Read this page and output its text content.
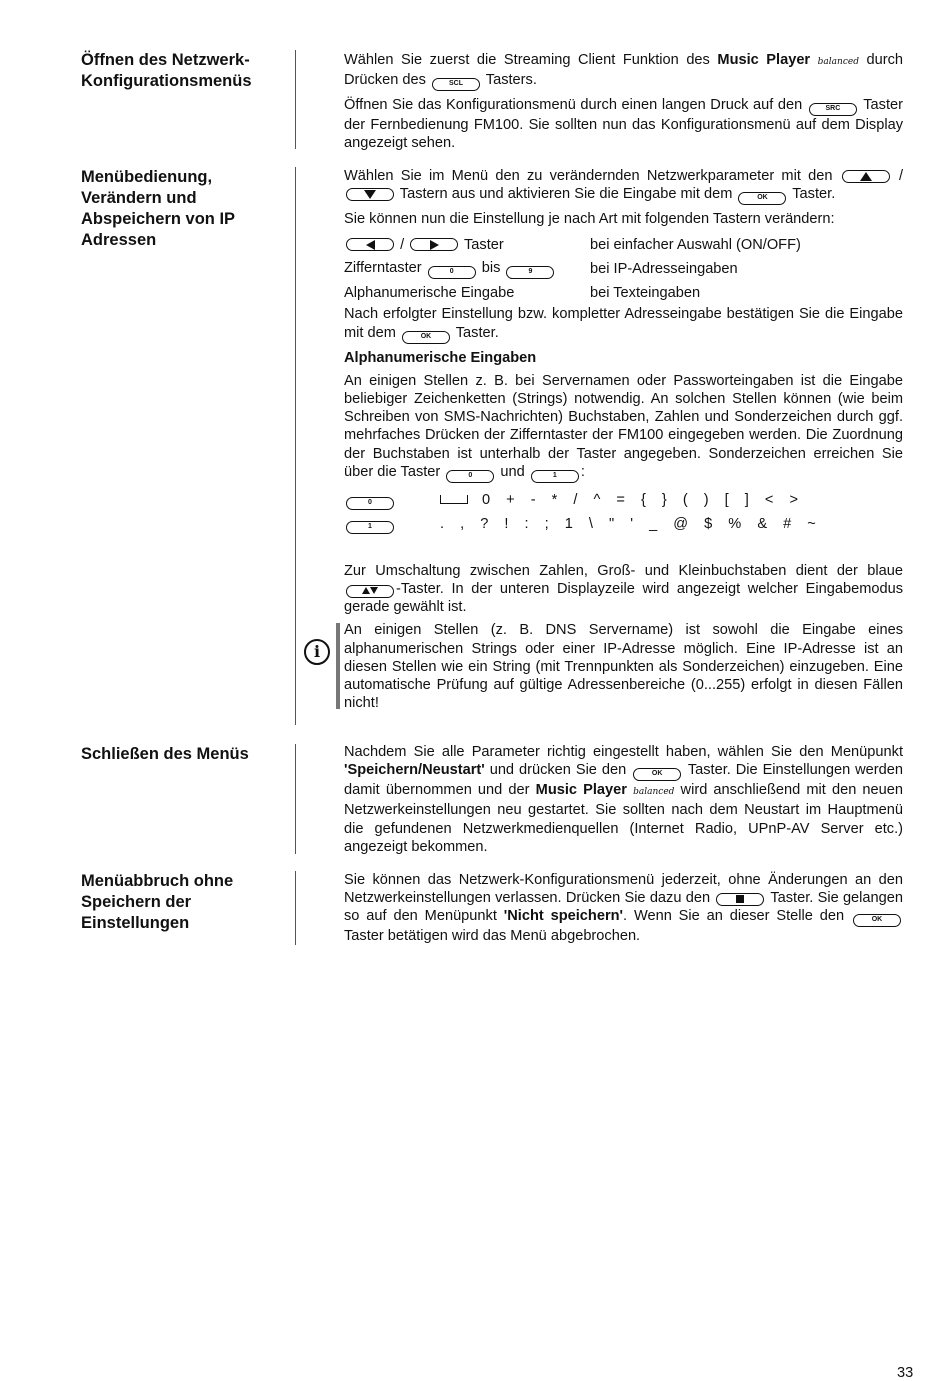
Öffnen des Netzwerk-Konfigurationsmenüs

Wählen Sie zuerst die Streaming Client Funktion des Music Player balanced durch Drücken des	SCL Tasters.

Öffnen Sie das Konfigurationsmenü durch einen langen Druck auf den	SRC Taster der Fernbedienung FM100. Sie sollten nun das Konfigurationsmenü auf dem Display angezeigt sehen.

Menübedienung, Verändern und Abspeichern von IP Adressen

Wählen Sie im Menü den zu verändernden Netzwerkparameter mit den	/  Tastern aus und aktivieren Sie die Eingabe mit dem	OK Taster.

Sie können nun die Einstellung je nach Art mit folgenden Tastern verändern:

/	Taster	bei einfacher Auswahl (ON/OFF)
Zifferntaster	0 bis	9	bei IP-Adresseingaben
Alphanumerische Eingabe	bei Texteingaben

Nach erfolgter Einstellung bzw. kompletter Adresseingabe bestätigen Sie die Eingabe mit dem	OK Taster.

Alphanumerische Eingaben

An einigen Stellen z. B. bei Servernamen oder Passworteingaben ist die Eingabe beliebiger Zeichenketten (Strings) notwendig. An solchen Stellen können (wie beim Schreiben von SMS-Nachrichten) Buchstaben, Zahlen und Sonderzeichen durch ggf. mehrfaches Drücken der Zifferntaster der FM100 eingegeben werden. Die Zuordnung der Buchstaben ist unterhalb der Taster angegeben. Sonderzeichen erreichen Sie über die Taster	0 und	1 :

0	0 + - * / ^ = { } ( ) [ ] < >
1	. , ? ! : ; 1 \ " ' _ @ $ % & # ~

Zur Umschaltung zwischen Zahlen, Groß- und Kleinbuchstaben dient der blaue -Taster. In der unteren Displayzeile wird angezeigt welcher Eingabemodus gerade gewählt ist.

An einigen Stellen (z. B. DNS Servername) ist sowohl die Eingabe eines alphanumerischen Strings oder einer IP-Adresse möglich. Eine IP-Adresse ist an diesen Stellen wie ein String (mit Trennpunkten als Sonderzeichen) einzugeben. Eine automatische Prüfung auf gültige Adressenbereiche (0...255) erfolgt in diesen Fällen nicht!

i
Schließen des Menüs	Nachdem Sie alle Parameter richtig eingestellt haben, wählen Sie den Menüpunkt 'Speichern/Neustart' und drücken Sie den	OK Taster. Die Einstellungen werden damit übernommen und der Music Player balanced wird anschließend mit den neuen Netzwerkeinstellungen neu gestartet. Sie sollten nach dem Neustart im Hauptmenü die gefundenen Netzwerkmedienquellen (Internet Radio, UPnP-AV Server etc.) angezeigt bekommen.

Menüabbruch ohne Speichern der Einstellungen

Sie können das Netzwerk-Konfigurationsmenü jederzeit, ohne Änderungen an den Netzwerkeinstellungen verlassen. Drücken Sie dazu den	Taster. Sie gelangen so auf den Menüpunkt 'Nicht speichern'. Wenn Sie an dieser Stelle den	OK Taster betätigen wird das Menü abgebrochen.

33
